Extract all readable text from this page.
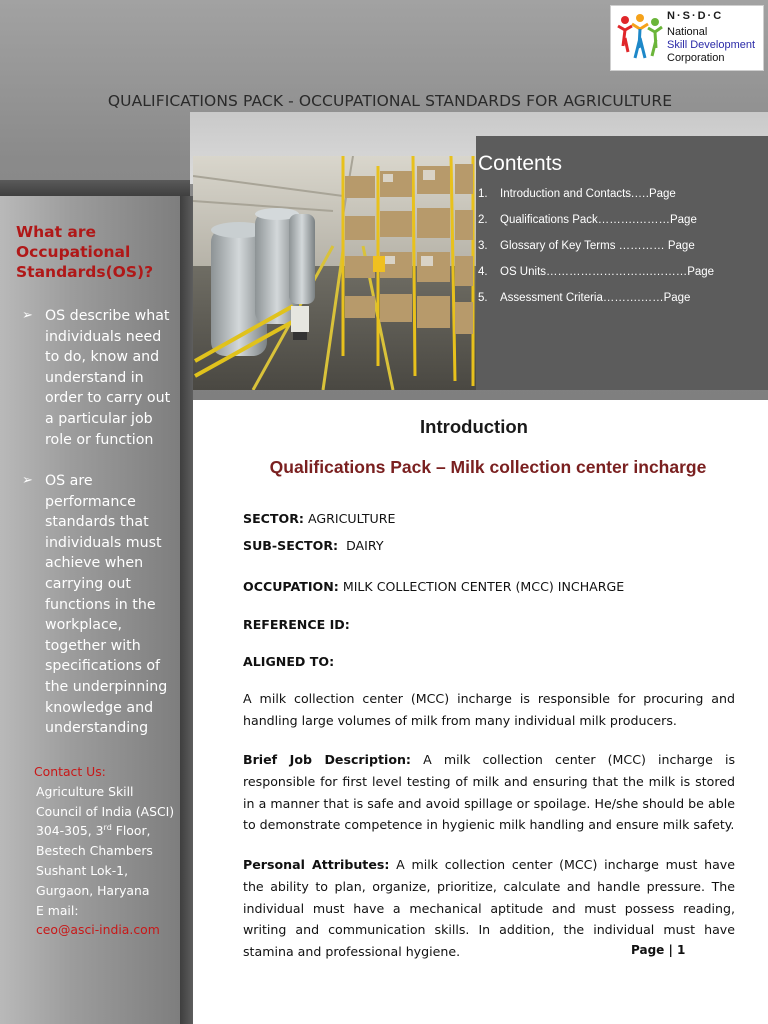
QUALIFICATIONS PACK - OCCUPATIONAL STANDARDS FOR AGRICULTURE
N·S·D·C
National
Skill Development
Corporation
Contents
1.	Introduction and Contacts.….Page
2.	Qualifications Pack……….………Page
3.	Glossary of Key Terms ………… Page
4.	OS Units……………………….………Page
5.	Assessment Criteria……….……Page
What are Occupational Standards(OS)?
➢ OS describe what individuals need to do, know and understand in order to carry out a particular job role or function
➢ OS are performance standards that individuals must achieve when carrying out functions in the workplace, together with specifications of the underpinning knowledge and understanding
Contact Us:
Agriculture Skill
Council of India (ASCI)
304-305, 3rd Floor,
Bestech Chambers
Sushant Lok-1,
Gurgaon, Haryana
E mail:
ceo@asci-india.com
Introduction
Qualifications Pack – Milk collection center incharge
SECTOR: AGRICULTURE
SUB-SECTOR:  DAIRY
OCCUPATION: MILK COLLECTION CENTER (MCC) INCHARGE
REFERENCE ID:
ALIGNED TO:
A milk collection center (MCC) incharge is responsible for procuring and handling large volumes of milk from many individual milk producers.
Brief Job Description: A milk collection center (MCC) incharge is responsible for first level testing of milk and ensuring that the milk is stored in a manner that is safe and avoid spillage or spoilage. He/she should be able to demonstrate competence in hygienic milk handling and ensure milk safety.
Personal Attributes: A milk collection center (MCC) incharge must have the ability to plan, organize, prioritize, calculate and handle pressure. The individual must have a mechanical aptitude and must possess reading, writing and communication skills. In addition, the individual must have stamina and professional hygiene.	Page | 1
